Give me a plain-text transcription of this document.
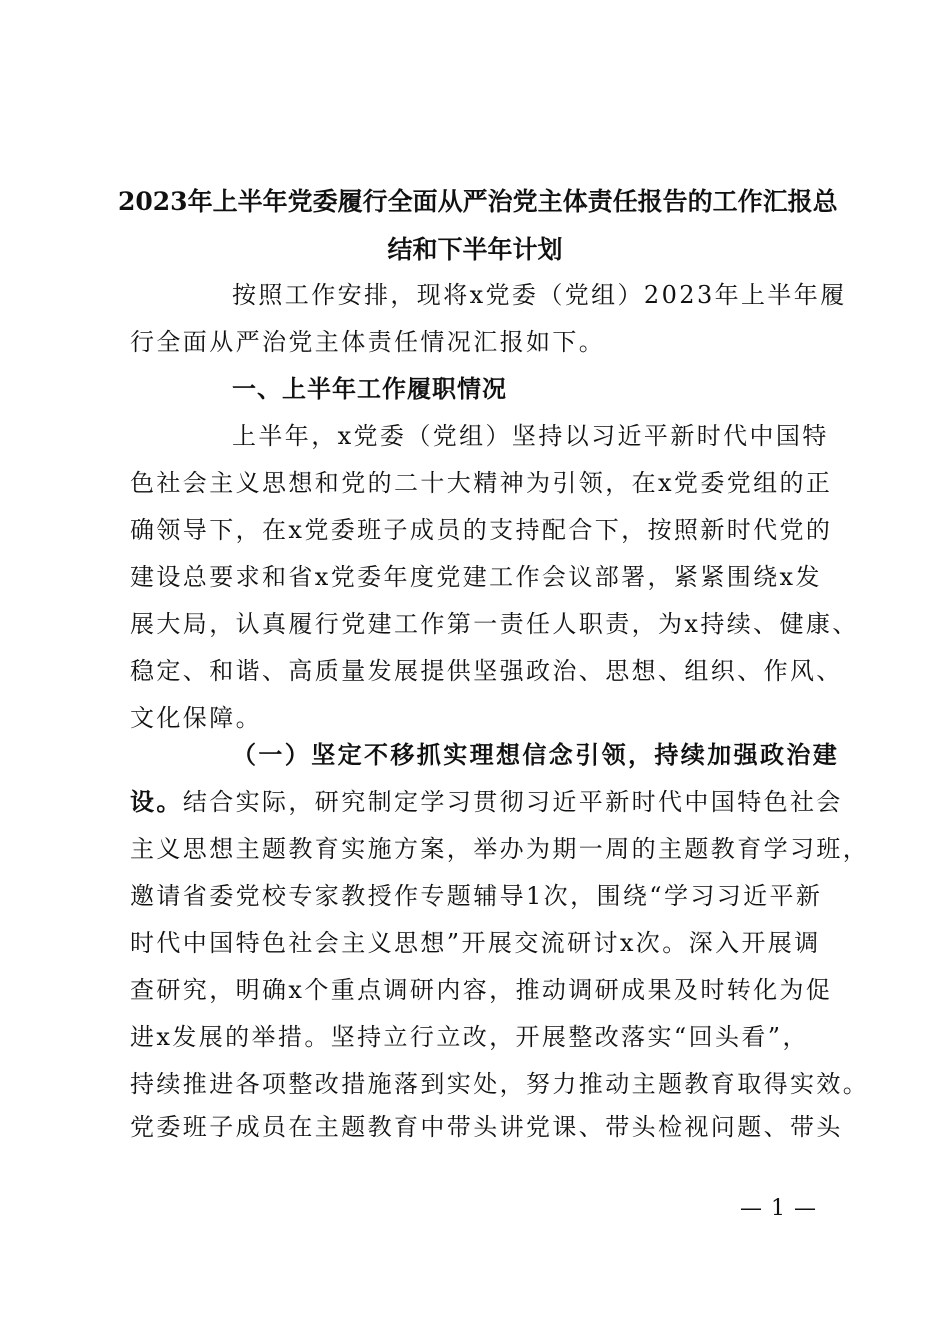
2023年上半年党委履行全面从严治党主体责任报告的工作汇报总
结和下半年计划
按照工作安排，现将x党委（党组）2023年上半年履
行全面从严治党主体责任情况汇报如下。
一、上半年工作履职情况
上半年，x党委（党组）坚持以习近平新时代中国特
色社会主义思想和党的二十大精神为引领，在x党委党组的正
确领导下，在x党委班子成员的支持配合下，按照新时代党的
建设总要求和省x党委年度党建工作会议部署，紧紧围绕x发
展大局，认真履行党建工作第一责任人职责，为x持续、健康、
稳定、和谐、高质量发展提供坚强政治、思想、组织、作风、
文化保障。
（一）坚定不移抓实理想信念引领，持续加强政治建
设。结合实际，研究制定学习贯彻习近平新时代中国特色社会
主义思想主题教育实施方案，举办为期一周的主题教育学习班，
邀请省委党校专家教授作专题辅导1次，围绕“学习习近平新
时代中国特色社会主义思想”开展交流研讨x次。深入开展调
查研究，明确x个重点调研内容，推动调研成果及时转化为促
进x发展的举措。坚持立行立改，开展整改落实“回头看”，
持续推进各项整改措施落到实处，努力推动主题教育取得实效。
党委班子成员在主题教育中带头讲党课、带头检视问题、带头
— 1 —
